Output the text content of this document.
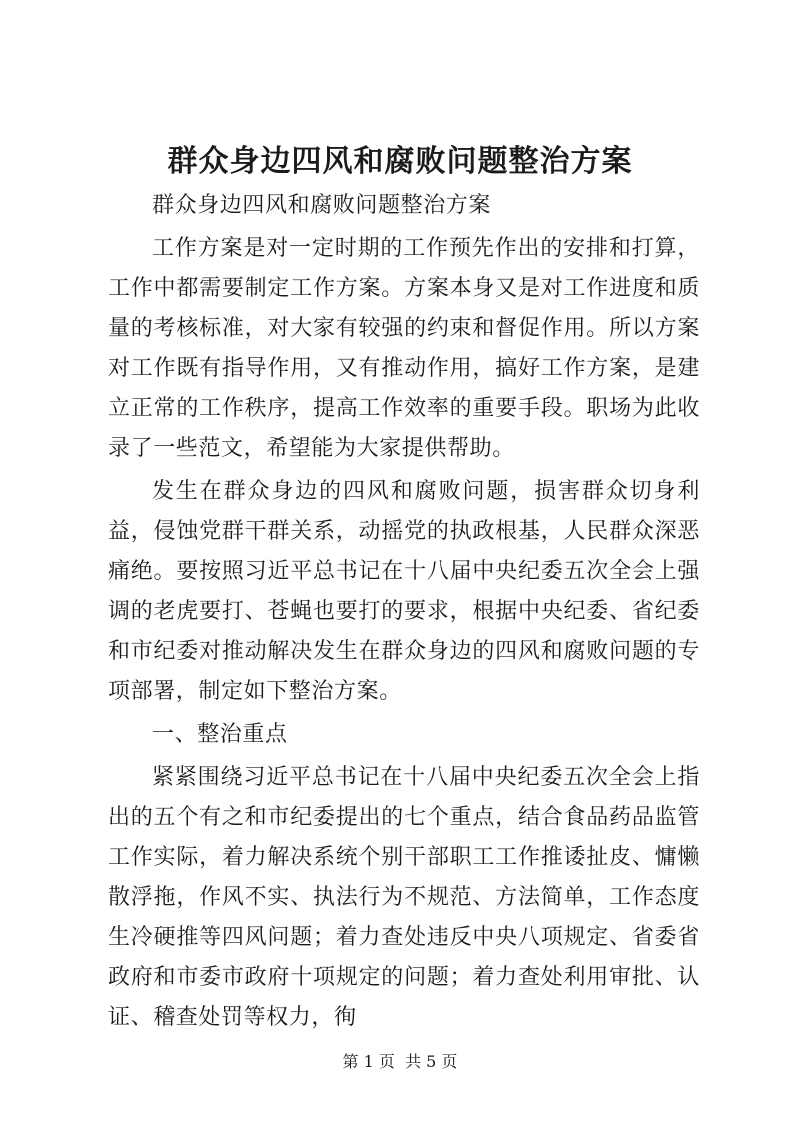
群众身边四风和腐败问题整治方案

群众身边四风和腐败问题整治方案

工作方案是对一定时期的工作预先作出的安排和打算，工作中都需要制定工作方案。方案本身又是对工作进度和质量的考核标准，对大家有较强的约束和督促作用。所以方案对工作既有指导作用，又有推动作用，搞好工作方案，是建立正常的工作秩序，提高工作效率的重要手段。职场为此收录了一些范文，希望能为大家提供帮助。

发生在群众身边的四风和腐败问题，损害群众切身利益，侵蚀党群干群关系，动摇党的执政根基，人民群众深恶痛绝。要按照习近平总书记在十八届中央纪委五次全会上强调的老虎要打、苍蝇也要打的要求，根据中央纪委、省纪委和市纪委对推动解决发生在群众身边的四风和腐败问题的专项部署，制定如下整治方案。

一、整治重点

紧紧围绕习近平总书记在十八届中央纪委五次全会上指出的五个有之和市纪委提出的七个重点，结合食品药品监管工作实际，着力解决系统个别干部职工工作推诿扯皮、慵懒散浮拖，作风不实、执法行为不规范、方法简单，工作态度生冷硬推等四风问题；着力查处违反中央八项规定、省委省政府和市委市政府十项规定的问题；着力查处利用审批、认证、稽查处罚等权力，徇

第 1 页  共 5 页
